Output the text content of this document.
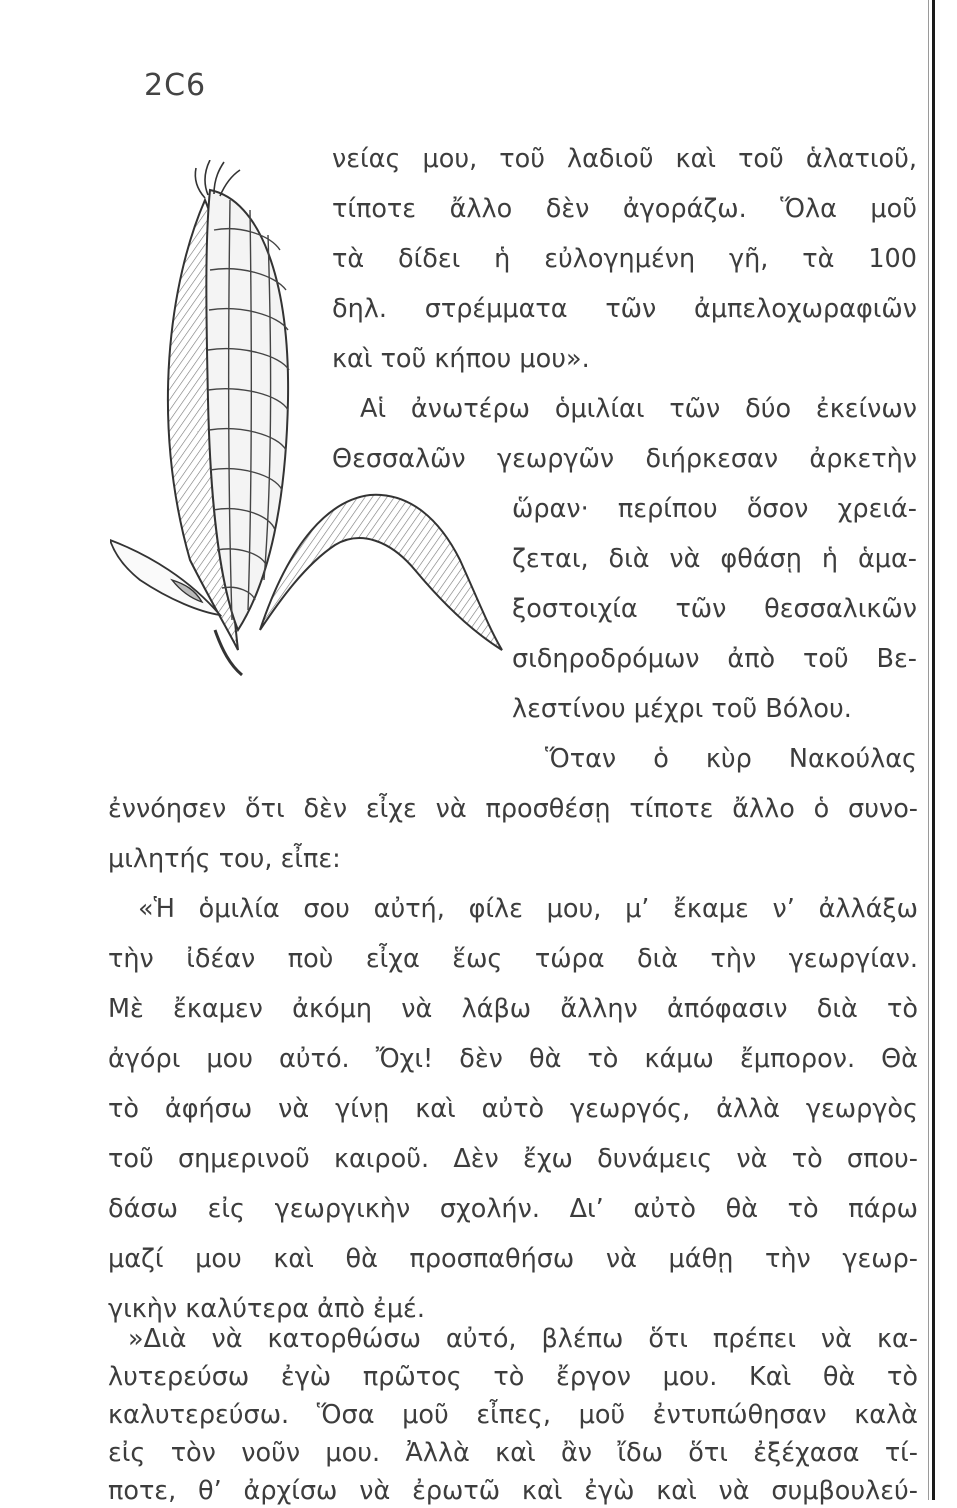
2C6
νείας μου, τοῦ λαδιοῦ καὶ τοῦ ἁλατιοῦ,
τίποτε ἄλλο δὲν ἀγοράζω. Ὅλα μοῦ
τὰ δίδει ἡ εὐλογημένη γῆ, τὰ 100
δηλ. στρέμματα τῶν ἀμπελοχωραφιῶν
καὶ τοῦ κήπου μου».
Αἱ ἀνωτέρω ὁμιλίαι τῶν δύο ἐκείνων
Θεσσαλῶν γεωργῶν διήρκεσαν ἀρκετὴν
ὥραν· περίπου ὅσον χρειά-
ζεται, διὰ νὰ φθάσῃ ἡ ἁμα-
ξοστοιχία τῶν θεσσαλικῶν
σιδηροδρόμων ἀπὸ τοῦ Βε-
λεστίνου μέχρι τοῦ Βόλου.
Ὅταν ὁ κὺρ Νακούλας
ἐννόησεν ὅτι δὲν εἶχε νὰ προσθέσῃ τίποτε ἄλλο ὁ συνο-
μιλητής του, εἶπε:
«Ἡ ὁμιλία σου αὐτή, φίλε μου, μ’ ἔκαμε ν’ ἀλλάξω
τὴν ἰδέαν ποὺ εἶχα ἕως τώρα διὰ τὴν γεωργίαν.
Μὲ ἔκαμεν ἀκόμη νὰ λάβω ἄλλην ἀπόφασιν διὰ τὸ
ἀγόρι μου αὐτό. Ὄχι! δὲν θὰ τὸ κάμω ἔμπορον. Θὰ
τὸ ἀφήσω νὰ γίνῃ καὶ αὐτὸ γεωργός, ἀλλὰ γεωργὸς
τοῦ σημερινοῦ καιροῦ. Δὲν ἔχω δυνάμεις νὰ τὸ σπου-
δάσω εἰς γεωργικὴν σχολήν. Δι’ αὐτὸ θὰ τὸ πάρω
μαζί μου καὶ θὰ προσπαθήσω νὰ μάθῃ τὴν γεωρ-
γικὴν καλύτερα ἀπὸ ἐμέ.
»Διὰ νὰ κατορθώσω αὐτό, βλέπω ὅτι πρέπει νὰ κα-
λυτερεύσω ἐγὼ πρῶτος τὸ ἔργον μου. Καὶ θὰ τὸ
καλυτερεύσω. Ὅσα μοῦ εἶπες, μοῦ ἐντυπώθησαν καλὰ
εἰς τὸν νοῦν μου. Ἀλλὰ καὶ ἂν ἴδω ὅτι ἐξέχασα τί-
ποτε, θ’ ἀρχίσω νὰ ἐρωτῶ καὶ ἐγὼ καὶ νὰ συμβουλεύ-
